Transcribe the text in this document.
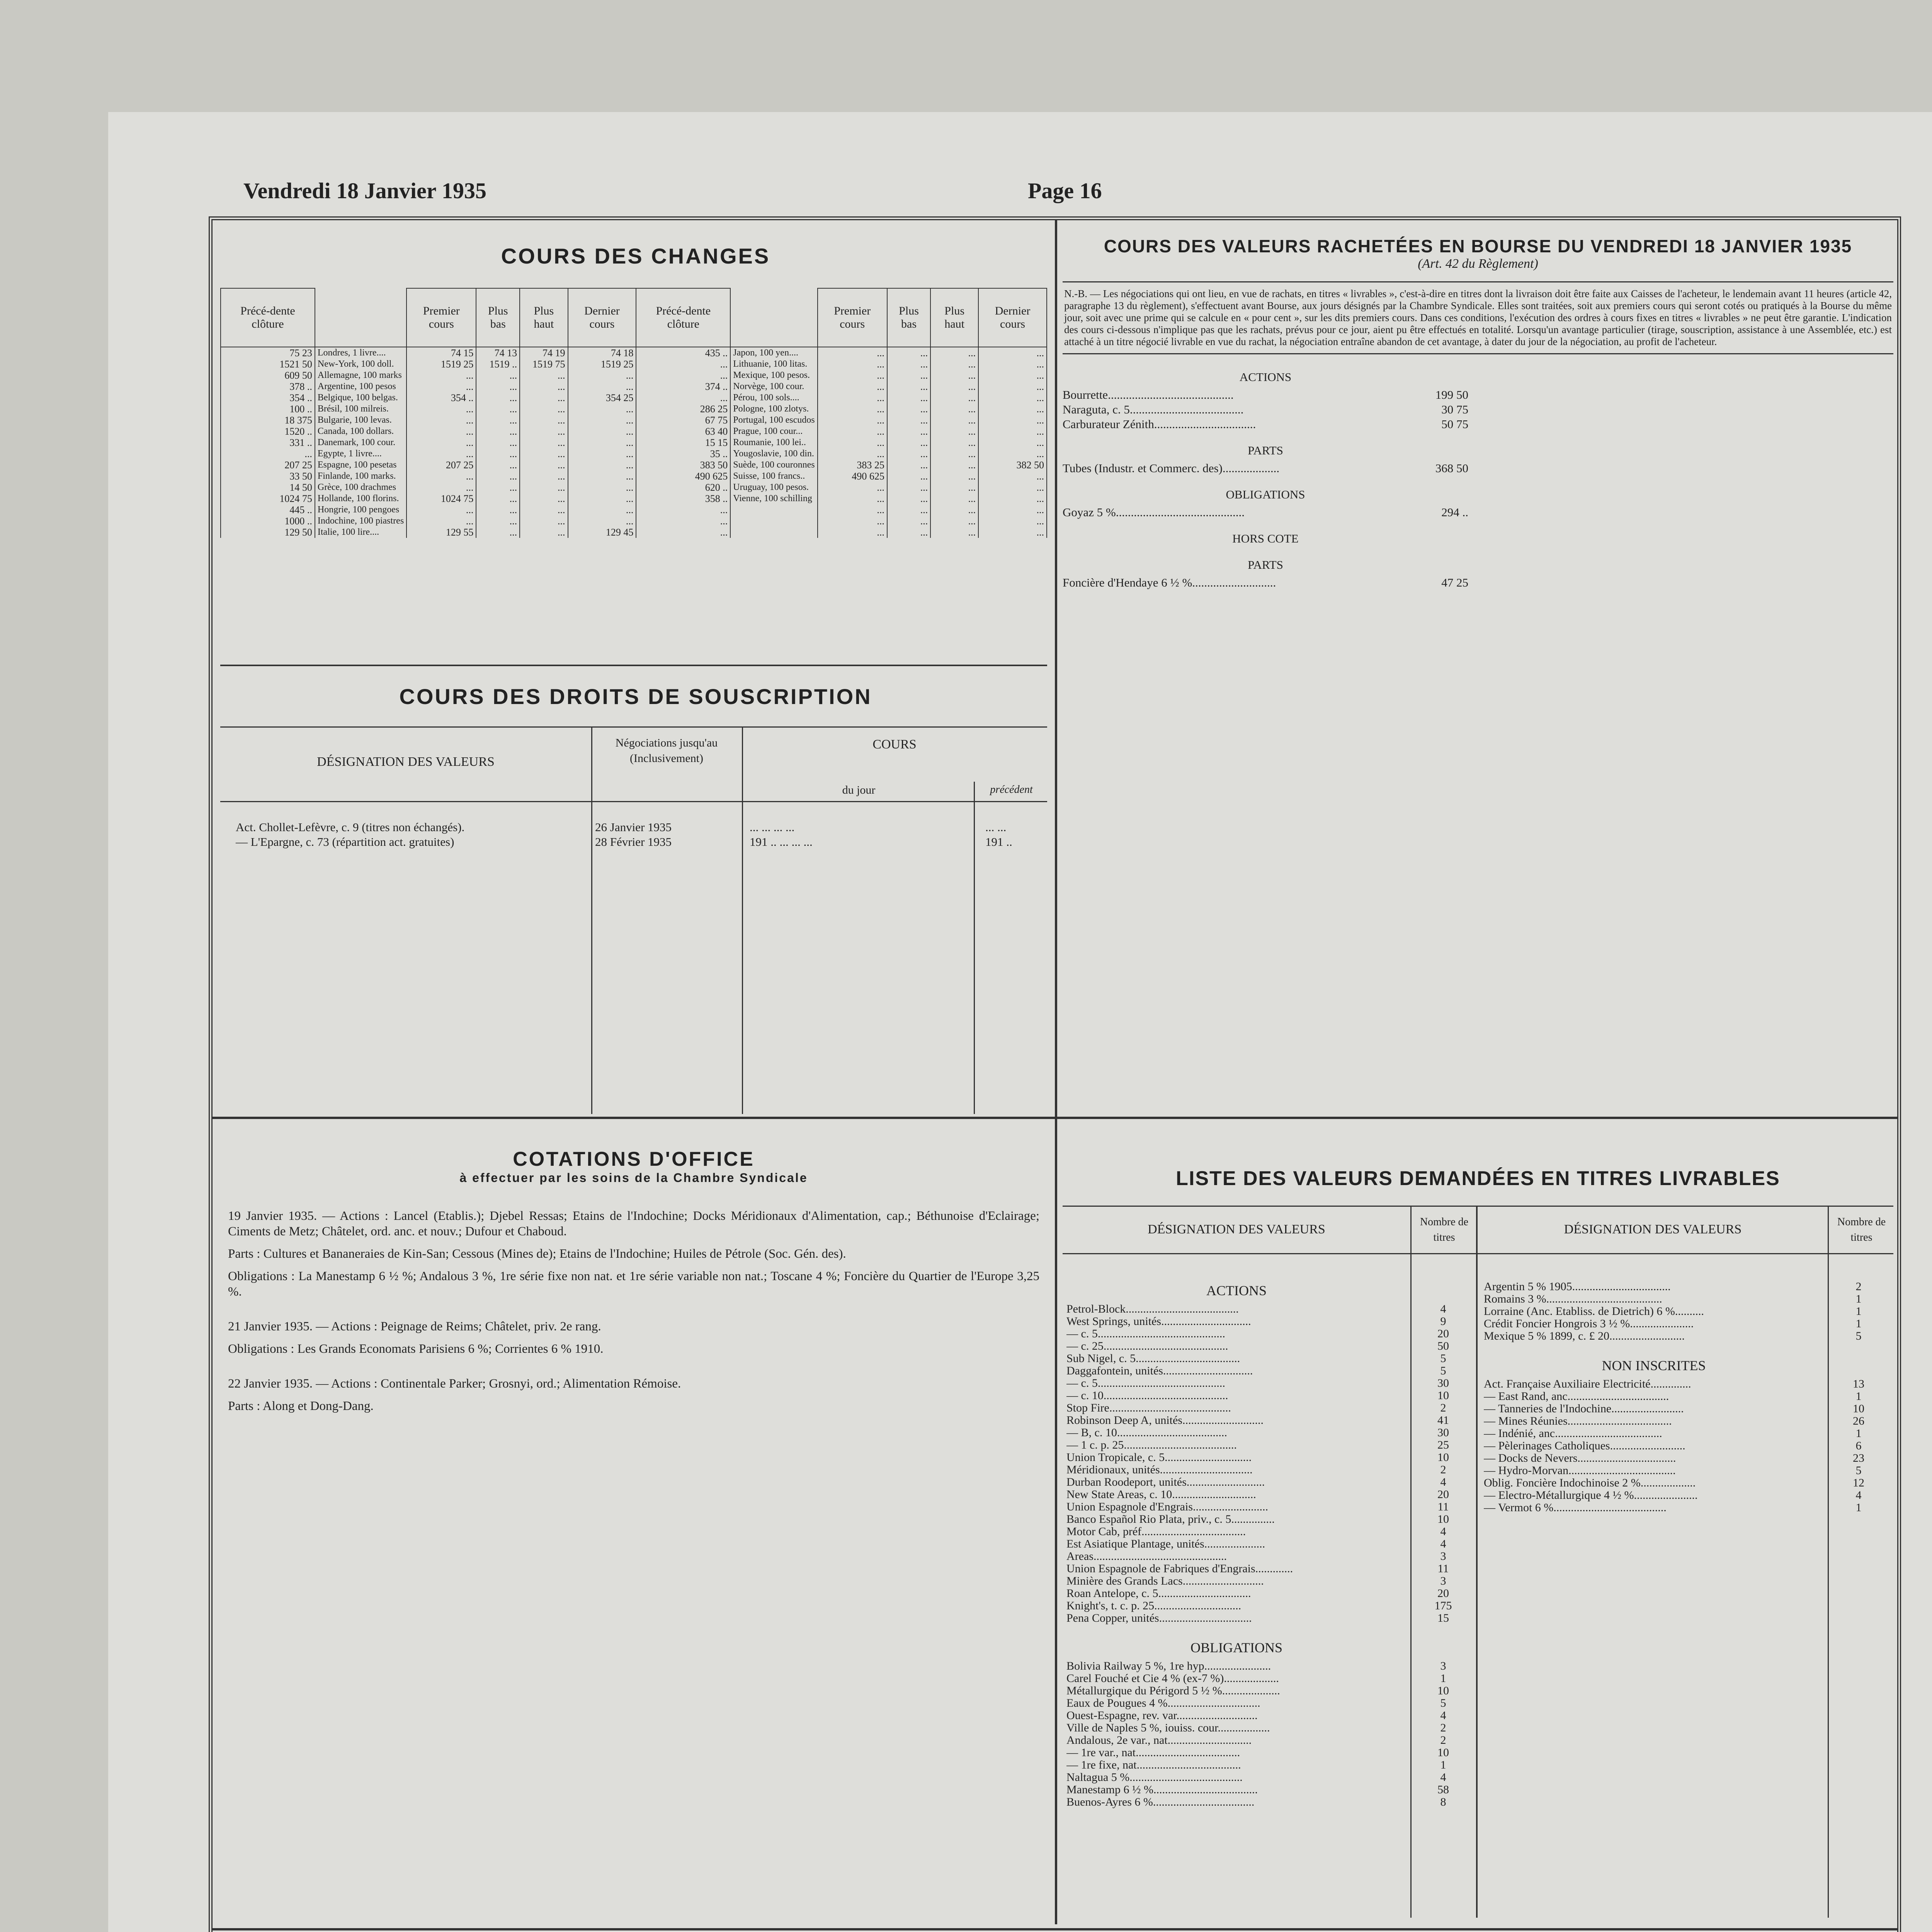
Vendredi 18 Janvier 1935	Page 16
COURS DES CHANGES
Précé-dente clôture		Premier cours	Plus bas	Plus haut	Dernier cours	Précé-dente clôture		Premier cours	Plus bas	Plus haut	Dernier cours
75 23	Londres, 1 livre....	74 15	74 13	74 19	74 18	435 ..	Japon, 100 yen....	...	...	...	...
1521 50	New-York, 100 doll.	1519 25	1519 ..	1519 75	1519 25	...	Lithuanie, 100 litas.	...	...	...	...
609 50	Allemagne, 100 marks	...	...	...	...	...	Mexique, 100 pesos.	...	...	...	...
378 ..	Argentine, 100 pesos	...	...	...	...	374 ..	Norvège, 100 cour.	...	...	...	...
354 ..	Belgique, 100 belgas.	354 ..	...	...	354 25	...	Pérou, 100 sols....	...	...	...	...
100 ..	Brésil, 100 milreis.	...	...	...	...	286 25	Pologne, 100 zlotys.	...	...	...	...
18 375	Bulgarie, 100 levas.	...	...	...	...	67 75	Portugal, 100 escudos	...	...	...	...
1520 ..	Canada, 100 dollars.	...	...	...	...	63 40	Prague, 100 cour...	...	...	...	...
331 ..	Danemark, 100 cour.	...	...	...	...	15 15	Roumanie, 100 lei..	...	...	...	...
...	Egypte, 1 livre....	...	...	...	...	35 ..	Yougoslavie, 100 din.	...	...	...	...
207 25	Espagne, 100 pesetas	207 25	...	...	...	383 50	Suède, 100 couronnes	383 25	...	...	382 50
33 50	Finlande, 100 marks.	...	...	...	...	490 625	Suisse, 100 francs..	490 625	...	...	...
14 50	Grèce, 100 drachmes	...	...	...	...	620 ..	Uruguay, 100 pesos.	...	...	...	...
1024 75	Hollande, 100 florins.	1024 75	...	...	...	358 ..	Vienne, 100 schilling	...	...	...	...
445 ..	Hongrie, 100 pengoes	...	...	...	...	...		...	...	...	...
1000 ..	Indochine, 100 piastres	...	...	...	...	...		...	...	...	...
129 50	Italie, 100 lire....	129 55	...	...	129 45	...		...	...	...	...
COURS DES DROITS DE SOUSCRIPTION
DÉSIGNATION DES VALEURS
Négociations jusqu'au (Inclusivement)
COURS
du jour	précédent
Act. Chollet-Lefèvre, c. 9 (titres non échangés).	26 Janvier 1935	... ... ... ...	... ...
— L'Epargne, c. 73 (répartition act. gratuites)	28 Février 1935	191 .. ... ... ...	191 ..
COURS DES VALEURS RACHETÉES EN BOURSE DU VENDREDI 18 JANVIER 1935
(Art. 42 du Règlement)

N.-B. — Les négociations qui ont lieu, en vue de rachats, en titres « livrables », c'est-à-dire en titres dont la livraison doit être faite aux Caisses de l'acheteur, le lendemain avant 11 heures (article 42, paragraphe 13 du règlement), s'effectuent avant Bourse, aux jours désignés par la Chambre Syndicale. Elles sont traitées, soit aux premiers cours qui seront cotés ou pratiqués à la Bourse du même jour, soit avec une prime qui se calcule en « pour cent », sur les dits premiers cours. Dans ces conditions, l'exécution des ordres à cours fixes en titres « livrables » ne peut être garantie. L'indication des cours ci-dessous n'implique pas que les rachats, prévus pour ce jour, aient pu être effectués en totalité. Lorsqu'un avantage particulier (tirage, souscription, assistance à une Assemblée, etc.) est attaché à un titre négocié livrable en vue du rachat, la négociation entraîne abandon de cet avantage, à dater du jour de la négociation, au profit de l'acheteur.

ACTIONS
Bourrette..........................................	199 50
Naraguta, c. 5......................................	30 75
Carburateur Zénith..................................	50 75
PARTS
Tubes (Industr. et Commerc. des)...................	368 50
OBLIGATIONS
Goyaz 5 %...........................................	294 ..
HORS COTE
PARTS
Foncière d'Hendaye 6 ½ %............................	47 25
COTATIONS D'OFFICE
à effectuer par les soins de la Chambre Syndicale

19 Janvier 1935. — Actions : Lancel (Etablis.); Djebel Ressas; Etains de l'Indochine; Docks Méridionaux d'Alimentation, cap.; Béthunoise d'Eclairage; Ciments de Metz; Châtelet, ord. anc. et nouv.; Dufour et Chaboud.

Parts : Cultures et Bananeraies de Kin-San; Cessous (Mines de); Etains de l'Indochine; Huiles de Pétrole (Soc. Gén. des).

Obligations : La Manestamp 6 ½ %; Andalous 3 %, 1re série fixe non nat. et 1re série variable non nat.; Toscane 4 %; Foncière du Quartier de l'Europe 3,25 %.

21 Janvier 1935. — Actions : Peignage de Reims; Châtelet, priv. 2e rang.

Obligations : Les Grands Economats Parisiens 6 %; Corrientes 6 % 1910.

22 Janvier 1935. — Actions : Continentale Parker; Grosnyi, ord.; Alimentation Rémoise.

Parts : Along et Dong-Dang.

LISTE DES VALEURS DEMANDÉES EN TITRES LIVRABLES
DÉSIGNATION DES VALEURS
Nombre de titres
DÉSIGNATION DES VALEURS
Nombre de titres
ACTIONS
Petrol-Block.......................................	4
West Springs, unités...............................	9
— c. 5............................................	20
— c. 25...........................................	50
Sub Nigel, c. 5....................................	5
Daggafontein, unités...............................	5
— c. 5............................................	30
— c. 10...........................................	10
Stop Fire..........................................	2
Robinson Deep A, unités............................	41
— B, c. 10......................................	30
— 1 c. p. 25.......................................	25
Union Tropicale, c. 5..............................	10
Méridionaux, unités................................	2
Durban Roodeport, unités...........................	4
New State Areas, c. 10.............................	20
Union Espagnole d'Engrais..........................	11
Banco Español Rio Plata, priv., c. 5...............	10
Motor Cab, préf....................................	4
Est Asiatique Plantage, unités.....................	4
Areas..............................................	3
Union Espagnole de Fabriques d'Engrais.............	11
Minière des Grands Lacs............................	3
Roan Antelope, c. 5................................	20
Knight's, t. c. p. 25..............................	175
Pena Copper, unités................................	15
OBLIGATIONS
Bolivia Railway 5 %, 1re hyp.......................	3
Carel Fouché et Cie 4 % (ex-7 %)...................	1
Métallurgique du Périgord 5 ½ %....................	10
Eaux de Pougues 4 %................................	5
Ouest-Espagne, rev. var............................	4
Ville de Naples 5 %, iouiss. cour..................	2
Andalous, 2e var., nat.............................	2
— 1re var., nat....................................	10
— 1re fixe, nat....................................	1
Naltagua 5 %.......................................	4
Manestamp 6 ½ %....................................	58
Buenos-Ayres 6 %...................................	8
Argentin 5 % 1905..................................	2
Romains 3 %........................................	1
Lorraine (Anc. Etabliss. de Dietrich) 6 %..........	1
Crédit Foncier Hongrois 3 ½ %......................	1
Mexique 5 % 1899, c. £ 20..........................	5
NON INSCRITES
Act. Française Auxiliaire Electricité..............	13
— East Rand, anc...................................	1
— Tanneries de l'Indochine.........................	10
— Mines Réunies....................................	26
— Indénié, anc.....................................	1
— Pèlerinages Catholiques..........................	6
— Docks de Nevers..................................	23
— Hydro-Morvan.....................................	5
Oblig. Foncière Indochinoise 2 %...................	12
— Electro-Métallurgique 4 ½ %......................	4
— Vermot 6 %.......................................	1
